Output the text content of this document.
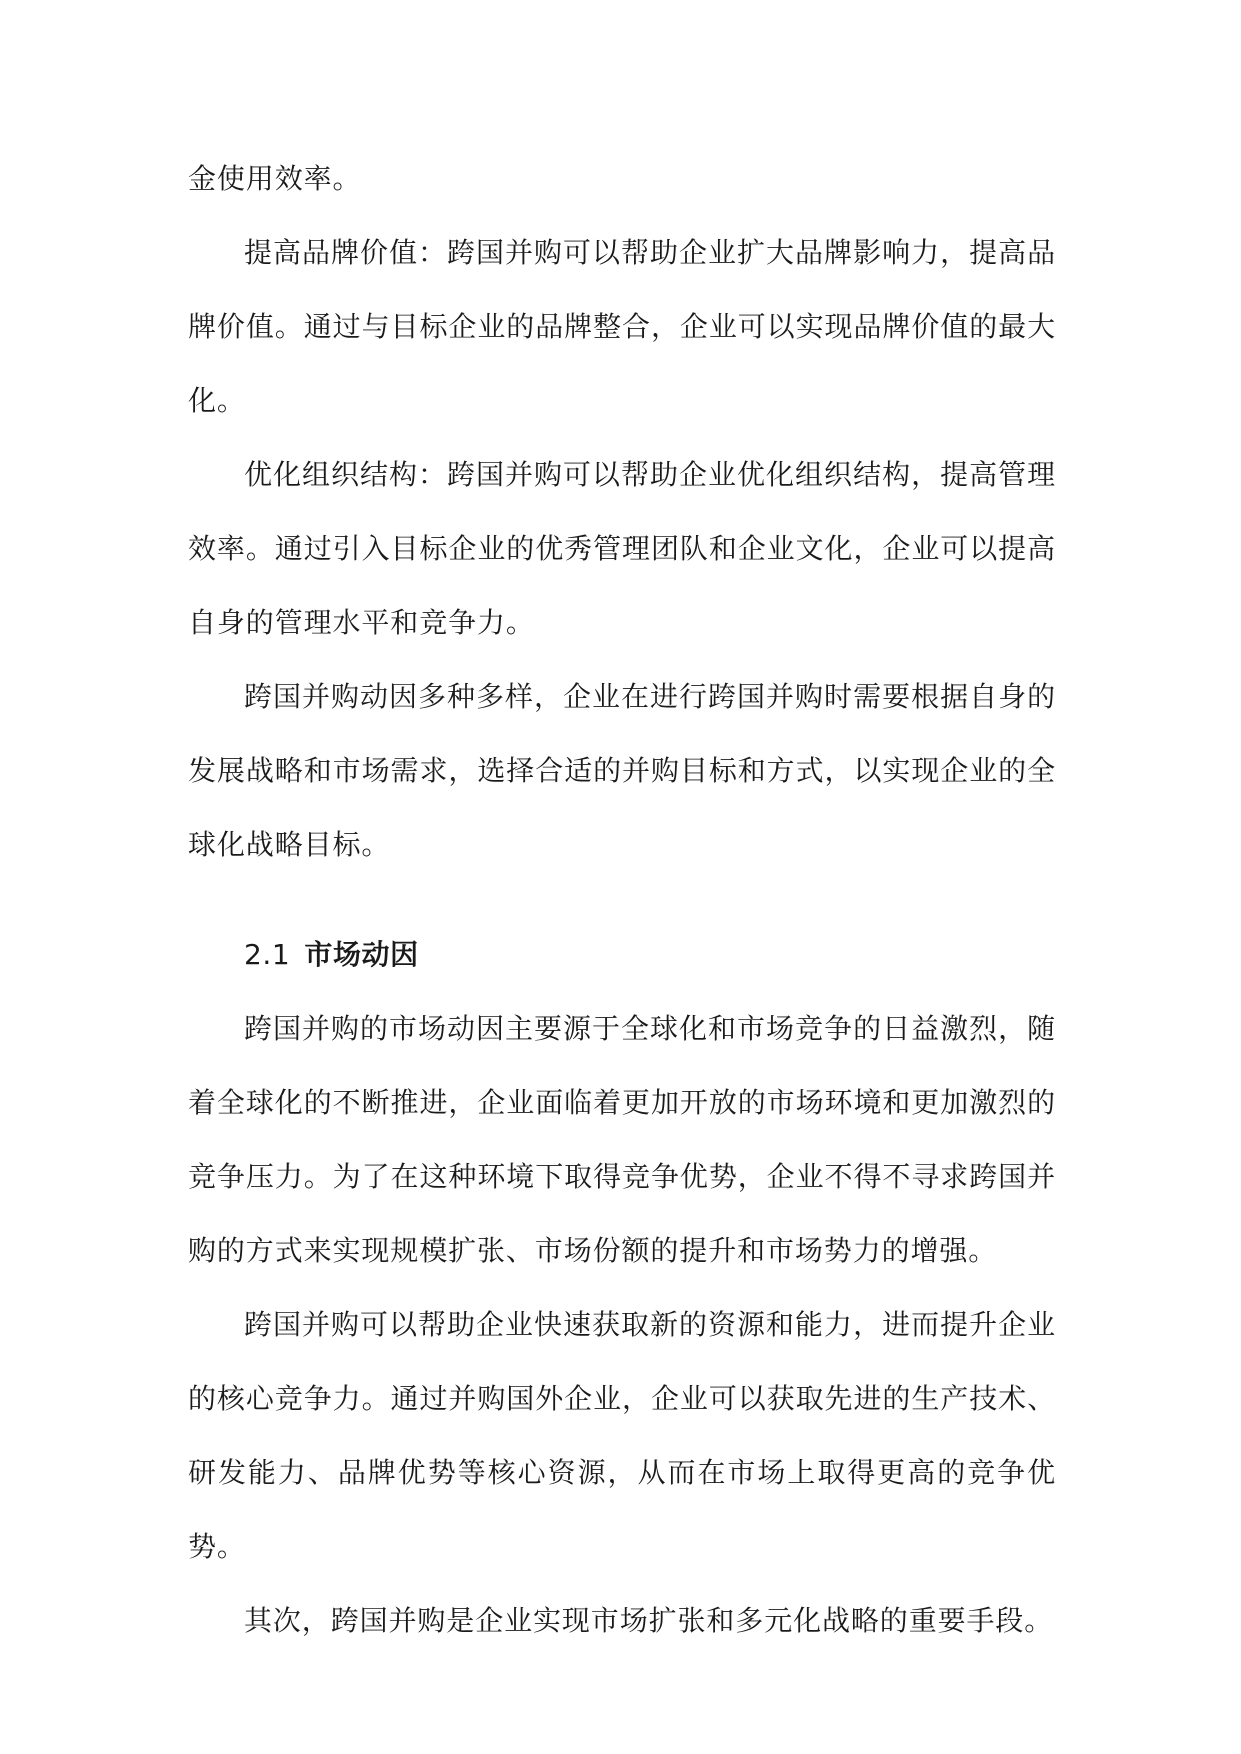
金使用效率。

提高品牌价值：跨国并购可以帮助企业扩大品牌影响力，提高品牌价值。通过与目标企业的品牌整合，企业可以实现品牌价值的最大化。

优化组织结构：跨国并购可以帮助企业优化组织结构，提高管理效率。通过引入目标企业的优秀管理团队和企业文化，企业可以提高自身的管理水平和竞争力。

跨国并购动因多种多样，企业在进行跨国并购时需要根据自身的发展战略和市场需求，选择合适的并购目标和方式，以实现企业的全球化战略目标。

2.1 市场动因

跨国并购的市场动因主要源于全球化和市场竞争的日益激烈，随着全球化的不断推进，企业面临着更加开放的市场环境和更加激烈的竞争压力。为了在这种环境下取得竞争优势，企业不得不寻求跨国并购的方式来实现规模扩张、市场份额的提升和市场势力的增强。

跨国并购可以帮助企业快速获取新的资源和能力，进而提升企业的核心竞争力。通过并购国外企业，企业可以获取先进的生产技术、研发能力、品牌优势等核心资源，从而在市场上取得更高的竞争优势。

其次，跨国并购是企业实现市场扩张和多元化战略的重要手段。
